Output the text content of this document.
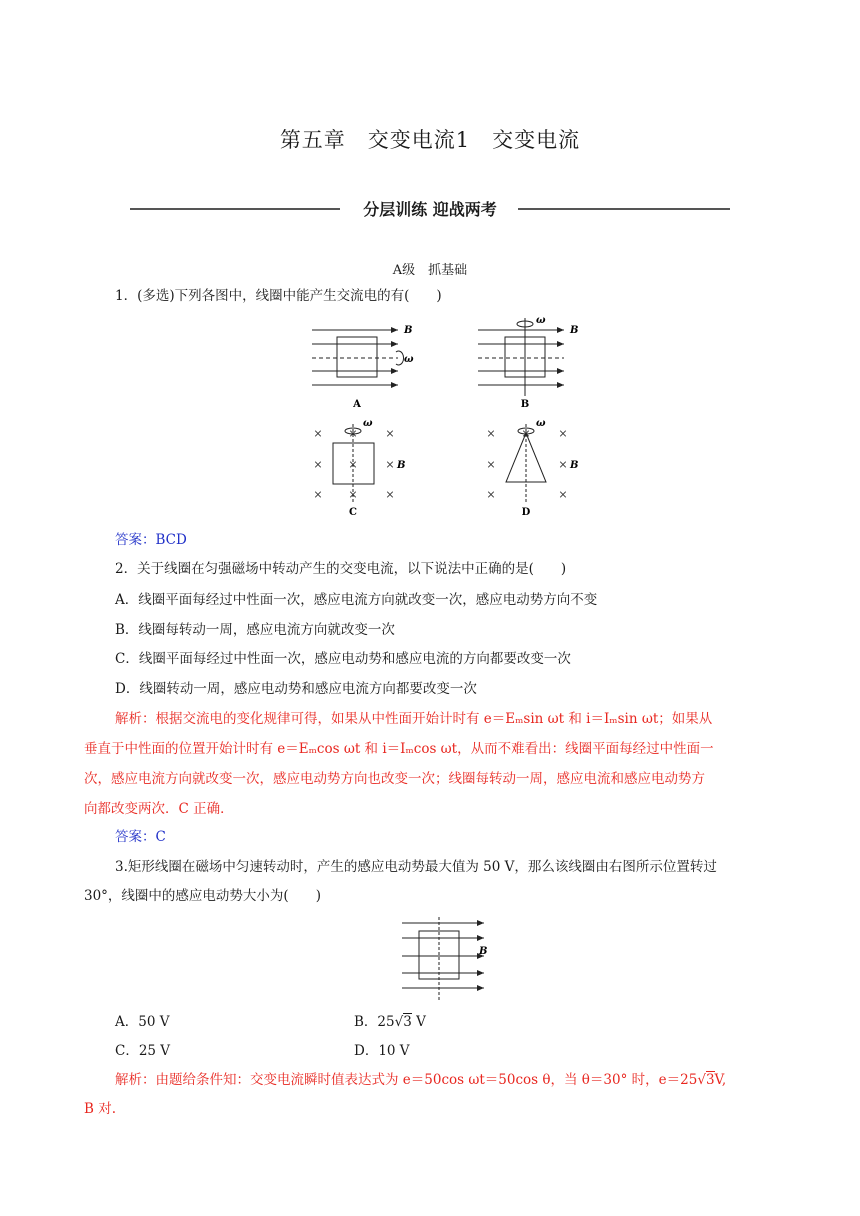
第五章　交变电流1　交变电流
分层训练 迎战两考
A级　抓基础
1．(多选)下列各图中，线圈中能产生交流电的有(　　)
B
ω
A
ω
B
B
× ×	×
× ×	×
× ×	×
ω
B
C
× ×	×
×	×
×	×
ω
B
D
答案：BCD
2．关于线圈在匀强磁场中转动产生的交变电流，以下说法中正确的是(　　)
A．线圈平面每经过中性面一次，感应电流方向就改变一次，感应电动势方向不变
B．线圈每转动一周，感应电流方向就改变一次
C．线圈平面每经过中性面一次，感应电动势和感应电流的方向都要改变一次
D．线圈转动一周，感应电动势和感应电流方向都要改变一次
解析：根据交流电的变化规律可得，如果从中性面开始计时有 e＝Eₘsin ωt 和 i＝Iₘsin ωt；如果从
垂直于中性面的位置开始计时有 e＝Eₘcos ωt 和 i＝Iₘcos ωt，从而不难看出：线圈平面每经过中性面一
次，感应电流方向就改变一次，感应电动势方向也改变一次；线圈每转动一周，感应电流和感应电动势方
向都改变两次．C 正确．
答案：C
3.矩形线圈在磁场中匀速转动时，产生的感应电动势最大值为 50 V，那么该线圈由右图所示位置转过
30°，线圈中的感应电动势大小为(　　)
B
A．50 V	B．25√3 V
C．25 V	D．10 V
解析：由题给条件知：交变电流瞬时值表达式为 e＝50cos ωt＝50cos θ，当 θ＝30° 时，e＝25√3V,
B 对.
